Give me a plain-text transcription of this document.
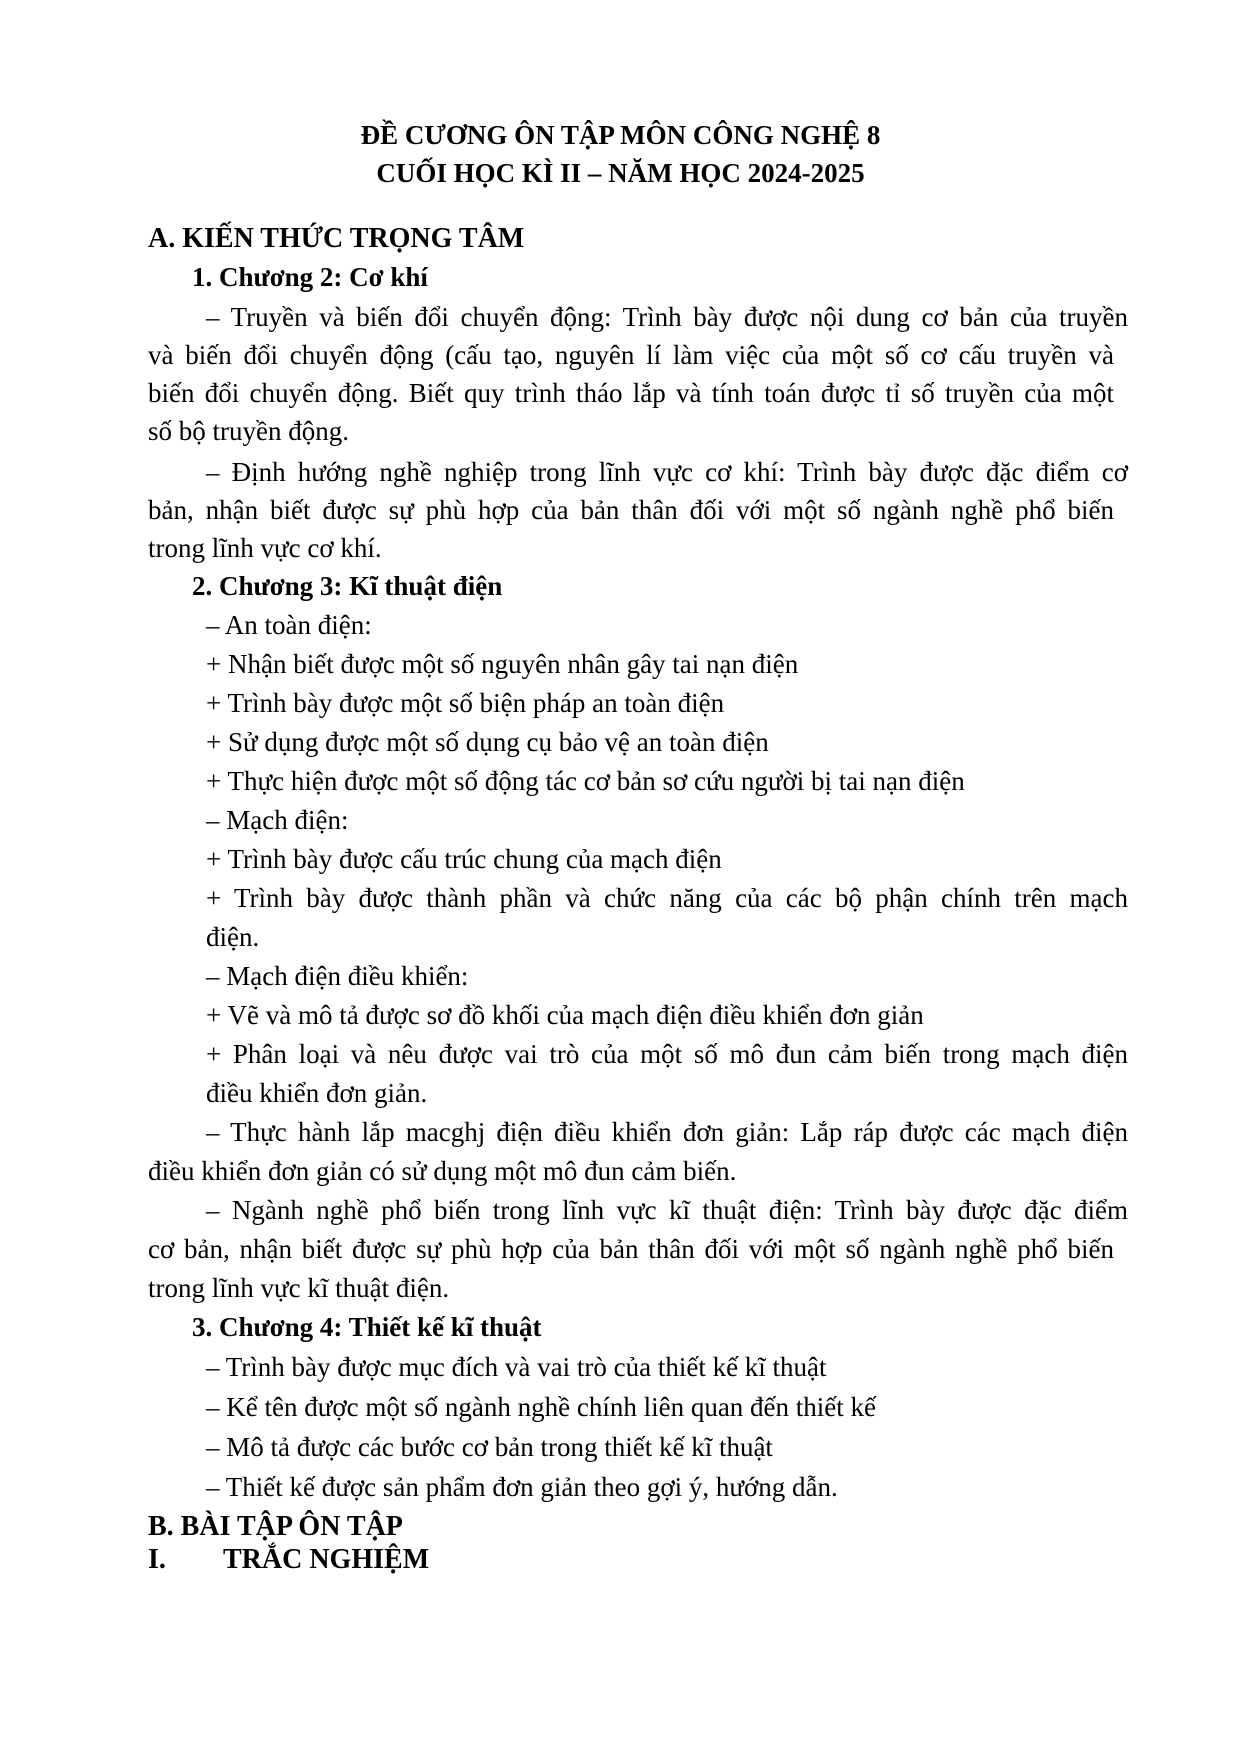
ĐỀ CƯƠNG ÔN TẬP MÔN CÔNG NGHỆ 8
CUỐI HỌC KÌ II – NĂM HỌC 2024-2025
A. KIẾN THỨC TRỌNG TÂM
1. Chương 2: Cơ khí
– Truyền và biến đổi chuyển động: Trình bày được nội dung cơ bản của truyền
và biến đổi chuyển động (cấu tạo, nguyên lí làm việc của một số cơ cấu truyền và
biến đổi chuyển động. Biết quy trình tháo lắp và tính toán được tỉ số truyền của một
số bộ truyền động.
– Định hướng nghề nghiệp trong lĩnh vực cơ khí: Trình bày được đặc điểm cơ
bản, nhận biết được sự phù hợp của bản thân đối với một số ngành nghề phổ biến
trong lĩnh vực cơ khí.
2. Chương 3: Kĩ thuật điện
– An toàn điện:
+ Nhận biết được một số nguyên nhân gây tai nạn điện
+ Trình bày được một số biện pháp an toàn điện
+ Sử dụng được một số dụng cụ bảo vệ an toàn điện
+ Thực hiện được một số động tác cơ bản sơ cứu người bị tai nạn điện
– Mạch điện:
+ Trình bày được cấu trúc chung của mạch điện
+ Trình bày được thành phần và chức năng của các bộ phận chính trên mạch
điện.
– Mạch điện điều khiển:
+ Vẽ và mô tả được sơ đồ khối của mạch điện điều khiển đơn giản
+ Phân loại và nêu được vai trò của một số mô đun cảm biến trong mạch điện
điều khiển đơn giản.
– Thực hành lắp macghj điện điều khiển đơn giản: Lắp ráp được các mạch điện
điều khiển đơn giản có sử dụng một mô đun cảm biến.
– Ngành nghề phổ biến trong lĩnh vực kĩ thuật điện: Trình bày được đặc điểm
cơ bản, nhận biết được sự phù hợp của bản thân đối với một số ngành nghề phổ biến
trong lĩnh vực kĩ thuật điện.
3. Chương 4: Thiết kế kĩ thuật
– Trình bày được mục đích và vai trò của thiết kế kĩ thuật
– Kể tên được một số ngành nghề chính liên quan đến thiết kế
– Mô tả được các bước cơ bản trong thiết kế kĩ thuật
– Thiết kế được sản phẩm đơn giản theo gợi ý, hướng dẫn.
B. BÀI TẬP ÔN TẬP
I. TRẮC NGHIỆM
